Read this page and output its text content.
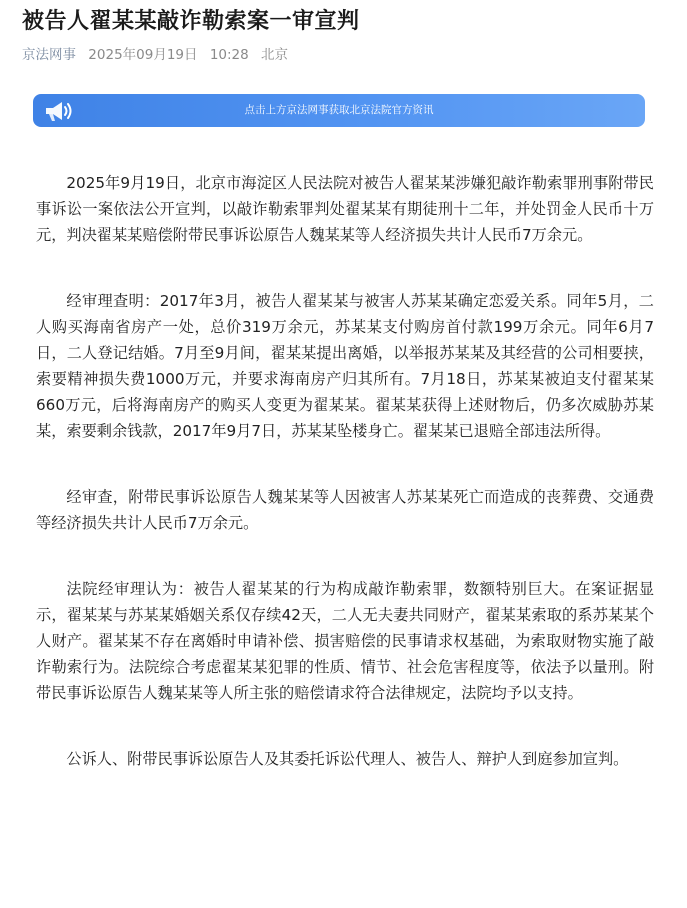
被告人翟某某敲诈勒索案一审宣判
京法网事 2025年09月19日 10:28 北京
点击上方京法网事获取北京法院官方资讯

2025年9月19日，北京市海淀区人民法院对被告人翟某某涉嫌犯敲诈勒索罪刑事附带民事诉讼一案依法公开宣判，以敲诈勒索罪判处翟某某有期徒刑十二年，并处罚金人民币十万元，判决翟某某赔偿附带民事诉讼原告人魏某某等人经济损失共计人民币7万余元。

经审理查明：2017年3月，被告人翟某某与被害人苏某某确定恋爱关系。同年5月，二人购买海南省房产一处，总价319万余元，苏某某支付购房首付款199万余元。同年6月7日，二人登记结婚。7月至9月间，翟某某提出离婚，以举报苏某某及其经营的公司相要挟，索要精神损失费1000万元，并要求海南房产归其所有。7月18日，苏某某被迫支付翟某某660万元，后将海南房产的购买人变更为翟某某。翟某某获得上述财物后，仍多次威胁苏某某，索要剩余钱款，2017年9月7日，苏某某坠楼身亡。翟某某已退赔全部违法所得。

经审查，附带民事诉讼原告人魏某某等人因被害人苏某某死亡而造成的丧葬费、交通费等经济损失共计人民币7万余元。

法院经审理认为：被告人翟某某的行为构成敲诈勒索罪，数额特别巨大。在案证据显示，翟某某与苏某某婚姻关系仅存续42天，二人无夫妻共同财产，翟某某索取的系苏某某个人财产。翟某某不存在离婚时申请补偿、损害赔偿的民事请求权基础，为索取财物实施了敲诈勒索行为。法院综合考虑翟某某犯罪的性质、情节、社会危害程度等，依法予以量刑。附带民事诉讼原告人魏某某等人所主张的赔偿请求符合法律规定，法院均予以支持。

公诉人、附带民事诉讼原告人及其委托诉讼代理人、被告人、辩护人到庭参加宣判。
